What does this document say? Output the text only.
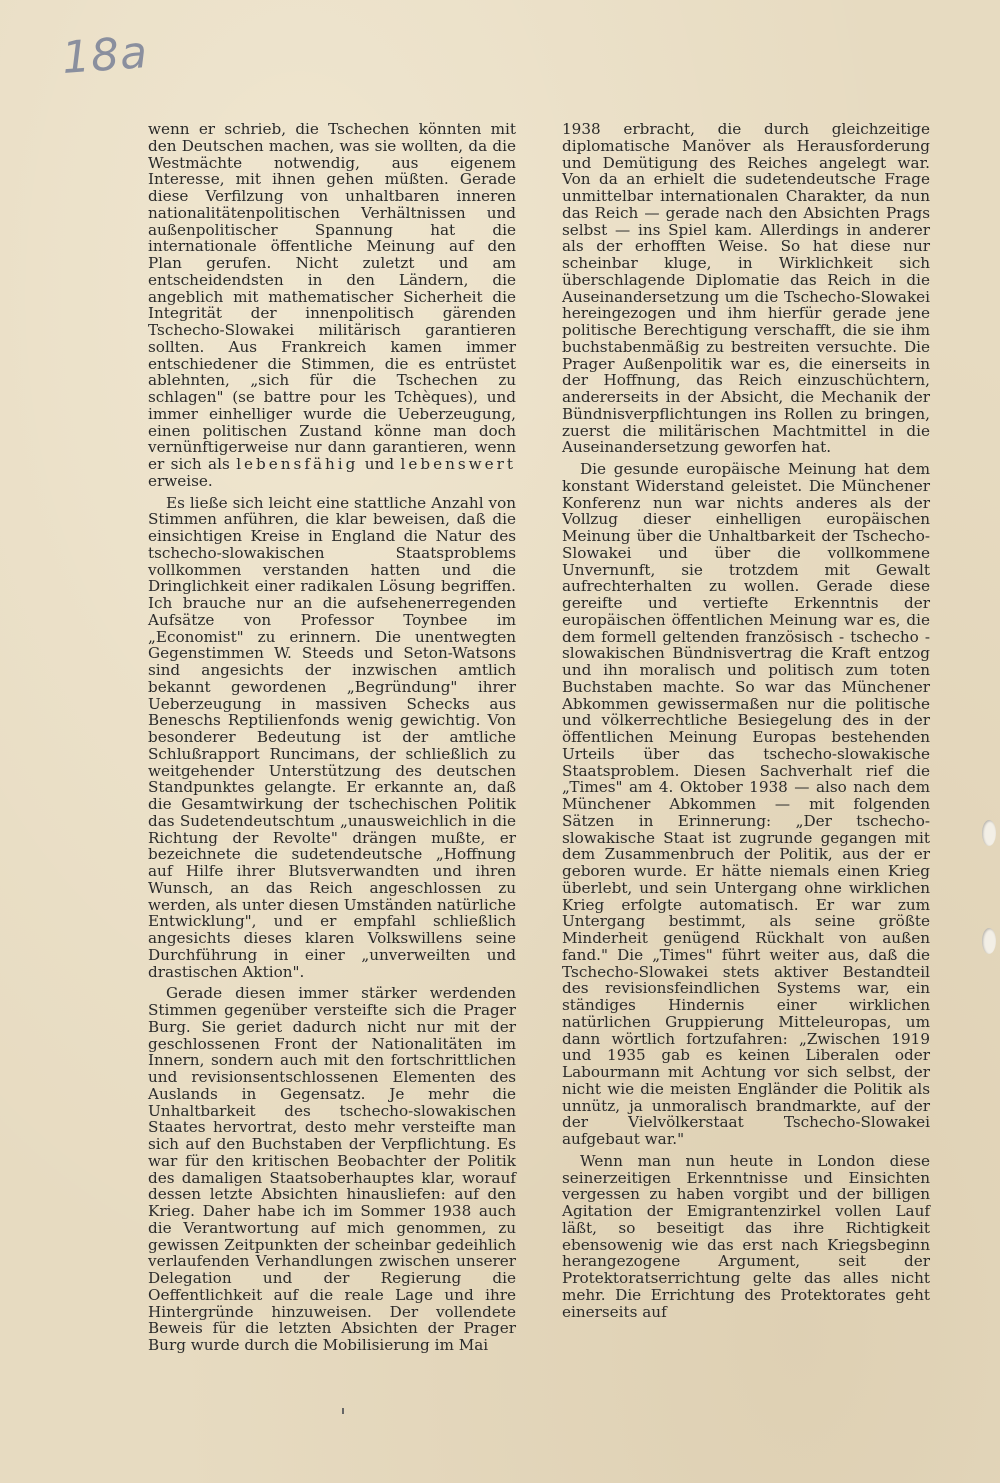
18a

wenn er schrieb, die Tschechen könnten mit den Deutschen machen, was sie wollten, da die Westmächte notwendig, aus eigenem Interesse, mit ihnen gehen müßten. Gerade diese Verfilzung von unhaltbaren inneren nationalitätenpolitischen Verhältnissen und außenpolitischer Spannung hat die internationale öffentliche Meinung auf den Plan gerufen. Nicht zuletzt und am entscheidendsten in den Ländern, die angeblich mit mathematischer Sicherheit die Integrität der innenpolitisch gärenden Tschecho-Slowakei militärisch garantieren sollten. Aus Frankreich kamen immer entschiedener die Stimmen, die es entrüstet ablehnten, „sich für die Tschechen zu schlagen" (se battre pour les Tchèques), und immer einhelliger wurde die Ueberzeugung, einen politischen Zustand könne man doch vernünftigerweise nur dann garantieren, wenn er sich als lebensfähig und lebenswert erweise.

Es ließe sich leicht eine stattliche Anzahl von Stimmen anführen, die klar beweisen, daß die einsichtigen Kreise in England die Natur des tschecho-slowakischen Staatsproblems vollkommen verstanden hatten und die Dringlichkeit einer radikalen Lösung begriffen. Ich brauche nur an die aufsehenerregenden Aufsätze von Professor Toynbee im „Economist" zu erinnern. Die unentwegten Gegenstimmen W. Steeds und Seton-Watsons sind angesichts der inzwischen amtlich bekannt gewordenen „Begründung" ihrer Ueberzeugung in massiven Schecks aus Beneschs Reptilienfonds wenig gewichtig. Von besonderer Bedeutung ist der amtliche Schlußrapport Runcimans, der schließlich zu weitgehender Unterstützung des deutschen Standpunktes gelangte. Er erkannte an, daß die Gesamtwirkung der tschechischen Politik das Sudetendeutschtum „unausweichlich in die Richtung der Revolte" drängen mußte, er bezeichnete die sudetendeutsche „Hoffnung auf Hilfe ihrer Blutsverwandten und ihren Wunsch, an das Reich angeschlossen zu werden, als unter diesen Umständen natürliche Entwicklung", und er empfahl schließlich angesichts dieses klaren Volkswillens seine Durchführung in einer „unverweilten und drastischen Aktion".

Gerade diesen immer stärker werdenden Stimmen gegenüber versteifte sich die Prager Burg. Sie geriet dadurch nicht nur mit der geschlossenen Front der Nationalitäten im Innern, sondern auch mit den fortschrittlichen und revisionsentschlossenen Elementen des Auslands in Gegensatz. Je mehr die Unhaltbarkeit des tschecho-slowakischen Staates hervortrat, desto mehr versteifte man sich auf den Buchstaben der Verpflichtung. Es war für den kritischen Beobachter der Politik des damaligen Staatsoberhauptes klar, worauf dessen letzte Absichten hinausliefen: auf den Krieg. Daher habe ich im Sommer 1938 auch die Verantwortung auf mich genommen, zu gewissen Zeitpunkten der scheinbar gedeihlich verlaufenden Verhandlungen zwischen unserer Delegation und der Regierung die Oeffentlichkeit auf die reale Lage und ihre Hintergründe hinzuweisen. Der vollendete Beweis für die letzten Absichten der Prager Burg wurde durch die Mobilisierung im Mai

1938 erbracht, die durch gleichzeitige diplomatische Manöver als Herausforderung und Demütigung des Reiches angelegt war. Von da an erhielt die sudetendeutsche Frage unmittelbar internationalen Charakter, da nun das Reich — gerade nach den Absichten Prags selbst — ins Spiel kam. Allerdings in anderer als der erhofften Weise. So hat diese nur scheinbar kluge, in Wirklichkeit sich überschlagende Diplomatie das Reich in die Auseinandersetzung um die Tschecho-Slowakei hereingezogen und ihm hierfür gerade jene politische Berechtigung verschafft, die sie ihm buchstabenmäßig zu bestreiten versuchte. Die Prager Außenpolitik war es, die einerseits in der Hoffnung, das Reich einzuschüchtern, andererseits in der Absicht, die Mechanik der Bündnisverpflichtungen ins Rollen zu bringen, zuerst die militärischen Machtmittel in die Auseinandersetzung geworfen hat.

Die gesunde europäische Meinung hat dem konstant Widerstand geleistet. Die Münchener Konferenz nun war nichts anderes als der Vollzug dieser einhelligen europäischen Meinung über die Unhaltbarkeit der Tschecho-Slowakei und über die vollkommene Unvernunft, sie trotzdem mit Gewalt aufrechterhalten zu wollen. Gerade diese gereifte und vertiefte Erkenntnis der europäischen öffentlichen Meinung war es, die dem formell geltenden französisch - tschecho - slowakischen Bündnisvertrag die Kraft entzog und ihn moralisch und politisch zum toten Buchstaben machte. So war das Münchener Abkommen gewissermaßen nur die politische und völkerrechtliche Besiegelung des in der öffentlichen Meinung Europas bestehenden Urteils über das tschecho-slowakische Staatsproblem. Diesen Sachverhalt rief die „Times" am 4. Oktober 1938 — also nach dem Münchener Abkommen — mit folgenden Sätzen in Erinnerung: „Der tschecho-slowakische Staat ist zugrunde gegangen mit dem Zusammenbruch der Politik, aus der er geboren wurde. Er hätte niemals einen Krieg überlebt, und sein Untergang ohne wirklichen Krieg erfolgte automatisch. Er war zum Untergang bestimmt, als seine größte Minderheit genügend Rückhalt von außen fand." Die „Times" führt weiter aus, daß die Tschecho-Slowakei stets aktiver Bestandteil des revisionsfeindlichen Systems war, ein ständiges Hindernis einer wirklichen natürlichen Gruppierung Mitteleuropas, um dann wörtlich fortzufahren: „Zwischen 1919 und 1935 gab es keinen Liberalen oder Labourmann mit Achtung vor sich selbst, der nicht wie die meisten Engländer die Politik als unnütz, ja unmoralisch brandmarkte, auf der der Vielvölkerstaat Tschecho-Slowakei aufgebaut war."

Wenn man nun heute in London diese seinerzeitigen Erkenntnisse und Einsichten vergessen zu haben vorgibt und der billigen Agitation der Emigrantenzirkel vollen Lauf läßt, so beseitigt das ihre Richtigkeit ebensowenig wie das erst nach Kriegsbeginn herangezogene Argument, seit der Protektoratserrichtung gelte das alles nicht mehr. Die Errichtung des Protektorates geht einerseits auf
